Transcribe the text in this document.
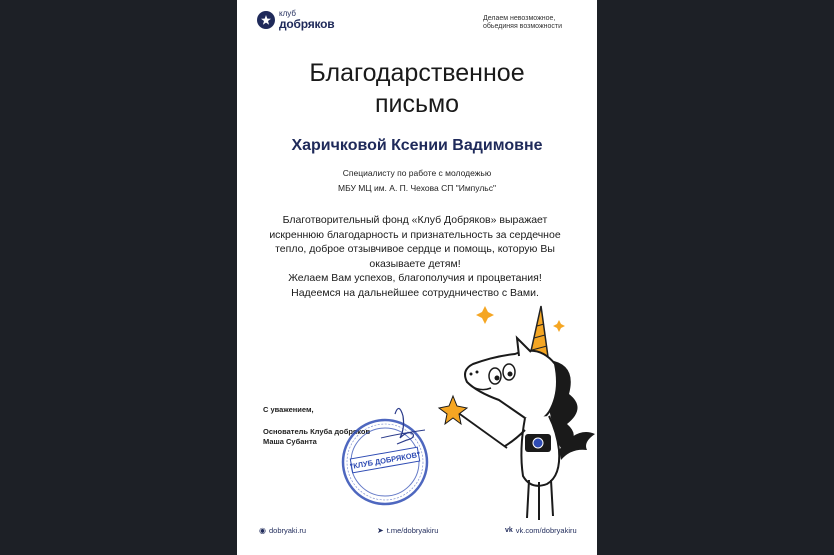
клуб
добряков	Делаем невозможное, обьединяя возможности
Благодарственное
письмо
Харичковой Ксении Вадимовне
Специалисту по работе с молодежью
МБУ МЦ им. А. П. Чехова СП "Импульс"
Благотворительный фонд «Клуб Добряков» выражает
искреннюю благодарность и признательность за сердечное
тепло, доброе отзывчивое сердце и помощь, которую Вы
оказываете детям!
Желаем Вам успехов, благополучия и процветания!
Надеемся на дальнейшее сотрудничество с Вами.
С уважением,
Основатель Клуба добряков
Маша Субанта
"КЛУБ ДОБРЯКОВ"
◉ dobryaki.ru	➤ t.me/dobryakiru	vk vk.com/dobryakiru
